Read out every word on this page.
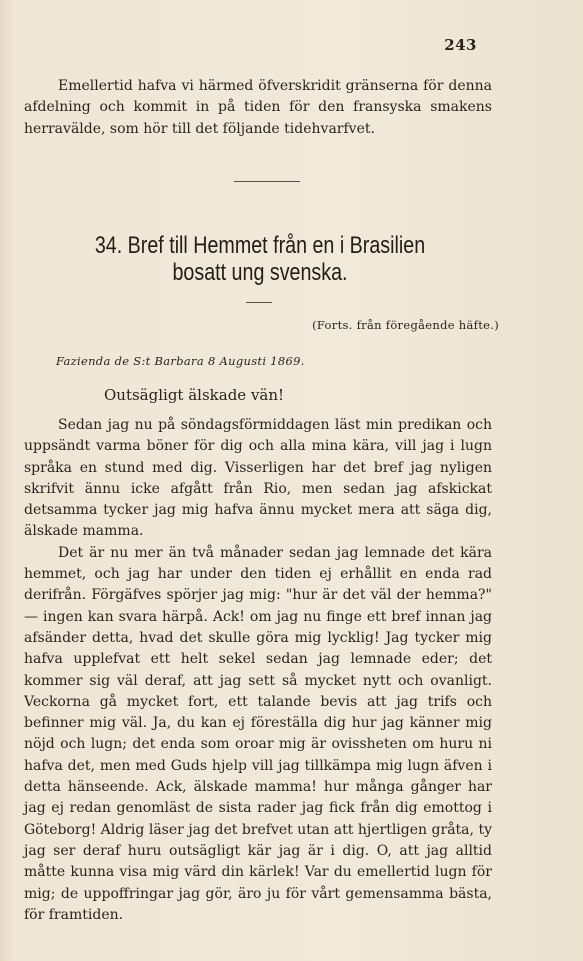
243

Emellertid hafva vi härmed öfverskridit gränserna för denna afdelning och kommit in på tiden för den fransyska smakens herravälde, som hör till det följande tidehvarfvet.

34. Bref till Hemmet från en i Brasilien bosatt ung svenska.
(Forts. från föregående häfte.)
Fazienda de S:t Barbara 8 Augusti 1869.
Outsägligt älskade vän!

Sedan jag nu på söndagsförmiddagen läst min predikan och uppsändt varma böner för dig och alla mina kära, vill jag i lugn språka en stund med dig. Visserligen har det bref jag nyligen skrifvit ännu icke afgått från Rio, men sedan jag afskickat detsamma tycker jag mig hafva ännu mycket mera att säga dig, älskade mamma.

Det är nu mer än två månader sedan jag lemnade det kära hemmet, och jag har under den tiden ej erhållit en enda rad derifrån. Förgäfves spörjer jag mig: "hur är det väl der hemma?" — ingen kan svara härpå. Ack! om jag nu finge ett bref innan jag afsänder detta, hvad det skulle göra mig lycklig! Jag tycker mig hafva upplefvat ett helt sekel sedan jag lemnade eder; det kommer sig väl deraf, att jag sett så mycket nytt och ovanligt. Veckorna gå mycket fort, ett talande bevis att jag trifs och befinner mig väl. Ja, du kan ej föreställa dig hur jag känner mig nöjd och lugn; det enda som oroar mig är ovissheten om huru ni hafva det, men med Guds hjelp vill jag tillkämpa mig lugn äfven i detta hänseende. Ack, älskade mamma! hur många gånger har jag ej redan genomläst de sista rader jag fick från dig emottog i Göteborg! Aldrig läser jag det brefvet utan att hjertligen gråta, ty jag ser deraf huru outsägligt kär jag är i dig. O, att jag alltid måtte kunna visa mig värd din kärlek! Var du emellertid lugn för mig; de uppoffringar jag gör, äro ju för vårt gemensamma bästa, för framtiden.
